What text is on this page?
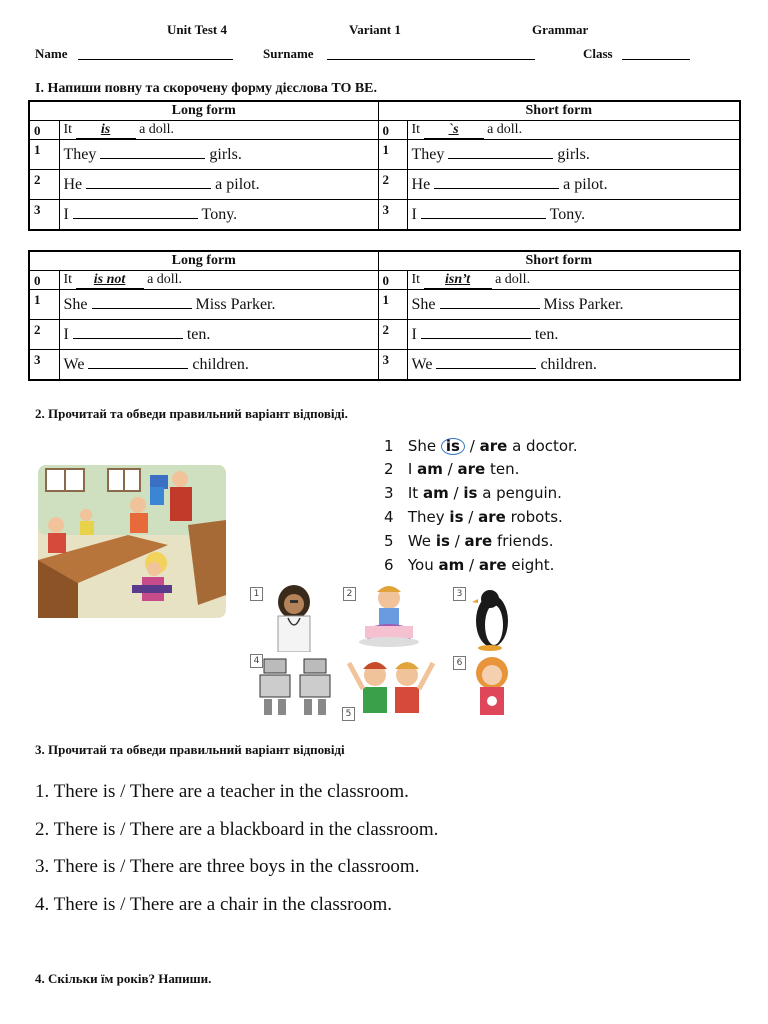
Unit Test 4	Variant 1	Grammar
Name	Surname	Class
I. Напиши повну та скорочену форму дієслова TO BE.
Long form		Short form	
0	It is a doll.	0	It `s a doll.
1	They girls.	1	They girls.
2	He a pilot.	2	He a pilot.
3	I Tony.	3	I Tony.
Long form		Short form	
0	It is not a doll.	0	It isn’t a doll.
1	She Miss Parker.	1	She Miss Parker.
2	I ten.	2	I ten.
3	We children.	3	We children.
2. Прочитай та обведи правильний варіант відповіді.
1 She is / are a doctor.
2 I am / are ten.
3 It am / is a penguin.
4 They is / are robots.
5 We is / are friends.
6 You am / are eight.
1	2	3
4
5
6
3. Прочитай та обведи правильний варіант відповіді
1. There is / There are a teacher in the classroom.
2. There is / There are a blackboard in the classroom.
3. There is / There are three boys in the classroom.
4. There is / There are a chair in the classroom.
4. Скільки їм років? Напиши.
